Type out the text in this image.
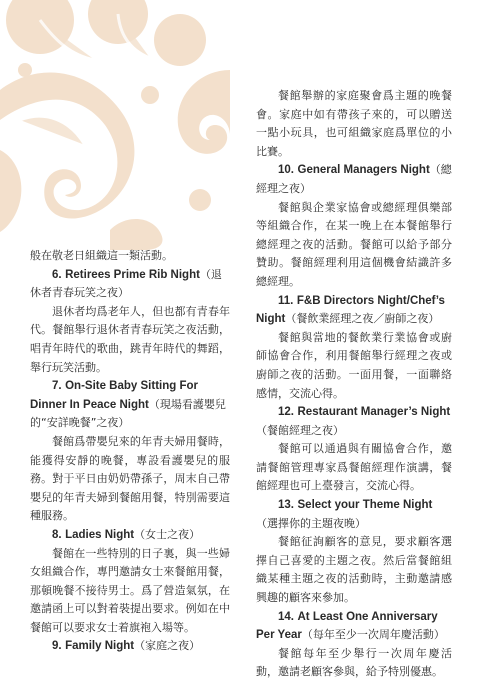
般在敬老日組織這一類活動。

6. Retirees Prime Rib Night（退休者青春玩笑之夜）

退休者均爲老年人，但也都有青春年代。餐館舉行退休者青春玩笑之夜活動，唱青年時代的歌曲，跳青年時代的舞蹈，舉行玩笑活動。

7. On-Site Baby Sitting For Dinner In Peace Night（現場看護嬰兒的“安詳晚餐”之夜）

餐館爲帶嬰兒來的年青夫婦用餐時，能獲得安靜的晚餐，專設看護嬰兒的服務。對于平日由奶奶帶孫子，周末自己帶嬰兒的年青夫婦到餐館用餐，特別需要這種服務。

8. Ladies Night（女士之夜）

餐館在一些特別的日子裏，與一些婦女組織合作，專門邀請女士來餐館用餐，那頓晚餐不接待男士。爲了營造氣氛，在邀請函上可以對着裝提出要求。例如在中餐館可以要求女士着旗袍入場等。

9. Family Night（家庭之夜）

餐館舉辦的家庭聚會爲主題的晚餐會。家庭中如有帶孩子來的，可以贈送一點小玩具，也可組織家庭爲單位的小比賽。

10. General Managers Night（總經理之夜）

餐館與企業家協會或總經理俱樂部等組織合作，在某一晚上在本餐館舉行總經理之夜的活動。餐館可以給予部分贊助。餐館經理利用這個機會結識許多總經理。

11. F&B Directors Night/Chef’s Night（餐飲業經理之夜／廚師之夜）

餐館與當地的餐飲業行業協會或廚師協會合作，利用餐館舉行經理之夜或廚師之夜的活動。一面用餐，一面聯絡感情，交流心得。

12. Restaurant Manager’s Night（餐館經理之夜）

餐館可以通過與有關協會合作，邀請餐館管理專家爲餐館經理作演講，餐館經理也可上臺發言，交流心得。

13. Select your Theme Night（選擇你的主題夜晚）

餐館征詢顧客的意見，要求顧客選擇自己喜愛的主題之夜。然后當餐館組織某種主題之夜的活動時，主動邀請感興趣的顧客來參加。

14. At Least One Anniversary Per Year（每年至少一次周年慶活動）

餐館每年至少舉行一次周年慶活動，邀請老顧客參與，給予特別優惠。
